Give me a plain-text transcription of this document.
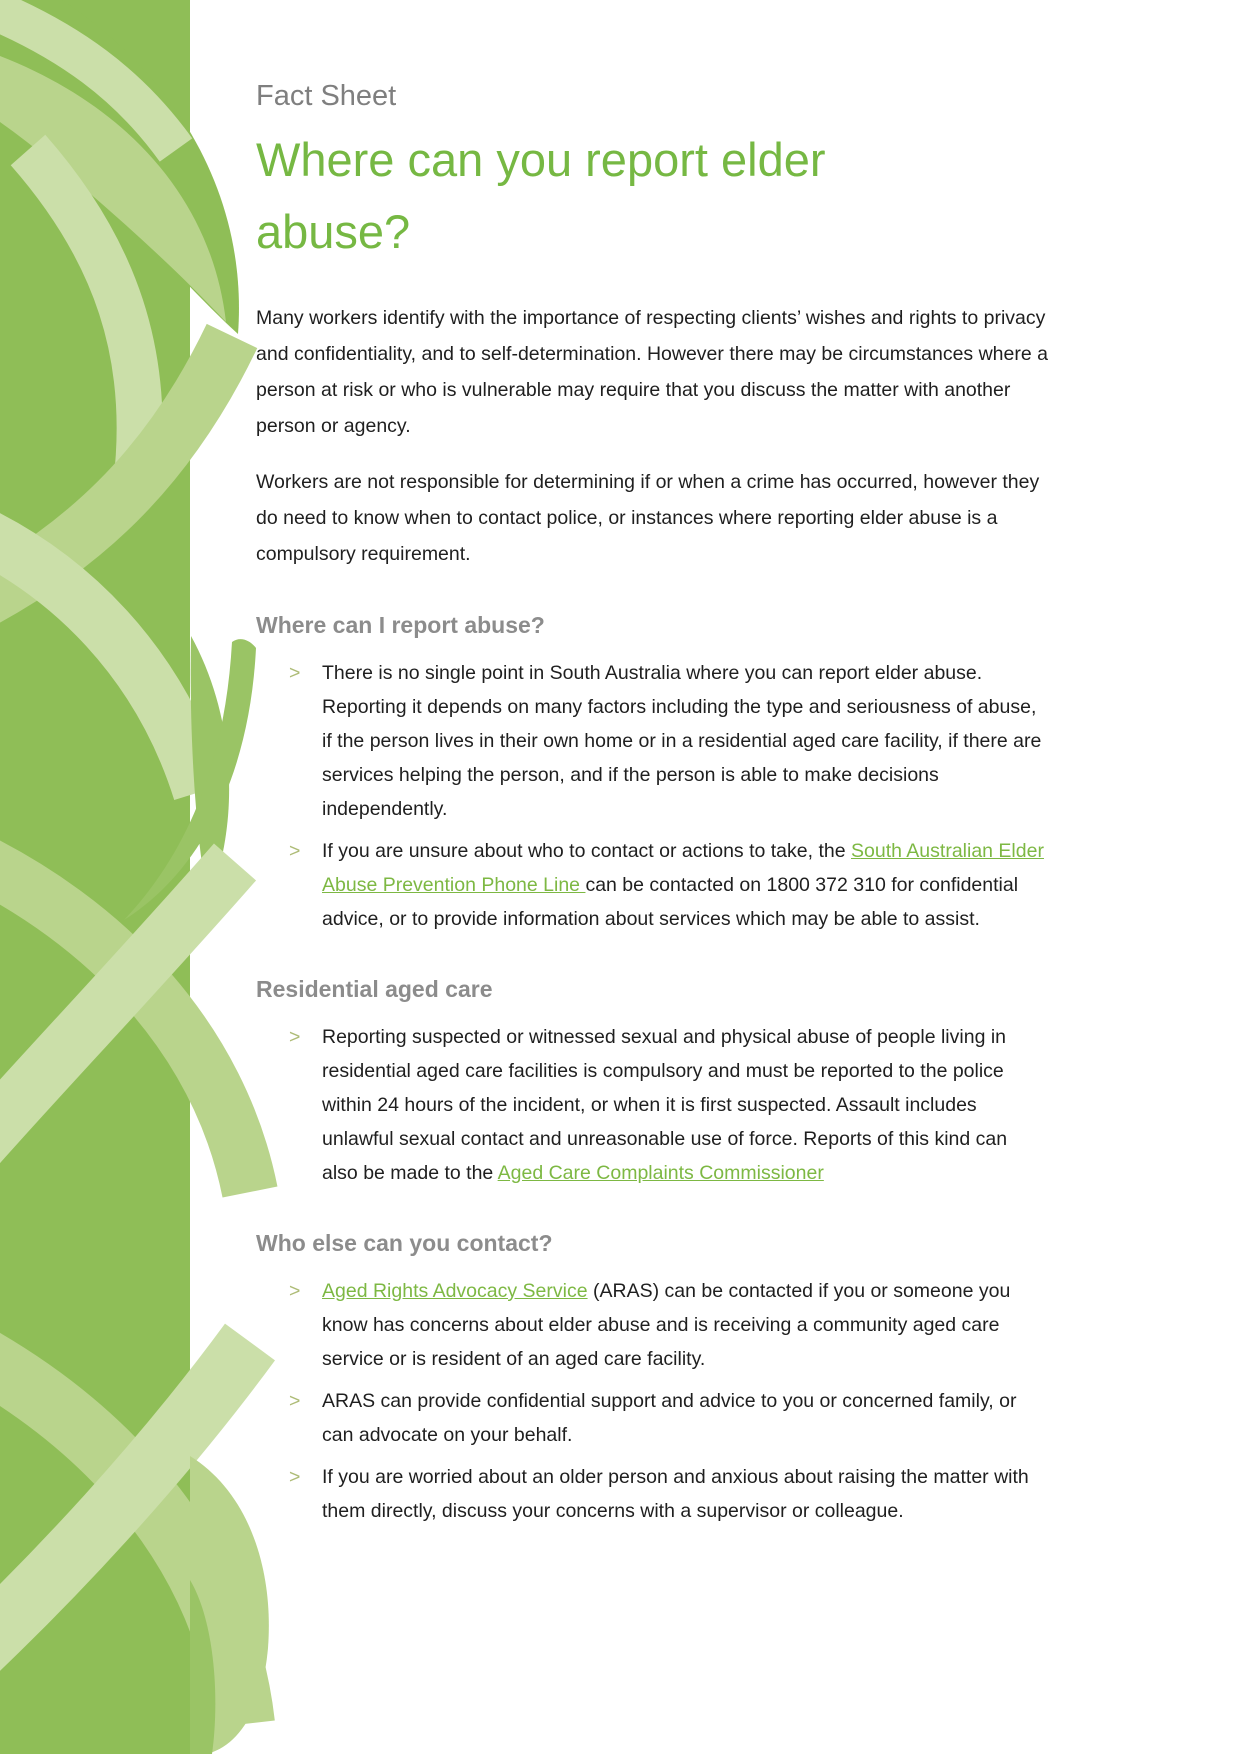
Fact Sheet
Where can you report elder abuse?

Many workers identify with the importance of respecting clients’ wishes and rights to privacy and confidentiality, and to self-determination. However there may be circumstances where a person at risk or who is vulnerable may require that you discuss the matter with another person or agency.

Workers are not responsible for determining if or when a crime has occurred, however they do need to know when to contact police, or instances where reporting elder abuse is a compulsory requirement.

Where can I report abuse?
> There is no single point in South Australia where you can report elder abuse. Reporting it depends on many factors including the type and seriousness of abuse, if the person lives in their own home or in a residential aged care facility, if there are services helping the person, and if the person is able to make decisions independently.
> If you are unsure about who to contact or actions to take, the South Australian Elder Abuse Prevention Phone Line can be contacted on 1800 372 310 for confidential advice, or to provide information about services which may be able to assist.
Residential aged care
> Reporting suspected or witnessed sexual and physical abuse of people living in residential aged care facilities is compulsory and must be reported to the police within 24 hours of the incident, or when it is first suspected. Assault includes unlawful sexual contact and unreasonable use of force. Reports of this kind can also be made to the Aged Care Complaints Commissioner
Who else can you contact?
> Aged Rights Advocacy Service (ARAS) can be contacted if you or someone you know has concerns about elder abuse and is receiving a community aged care service or is resident of an aged care facility.
> ARAS can provide confidential support and advice to you or concerned family, or can advocate on your behalf.
> If you are worried about an older person and anxious about raising the matter with them directly, discuss your concerns with a supervisor or colleague.
